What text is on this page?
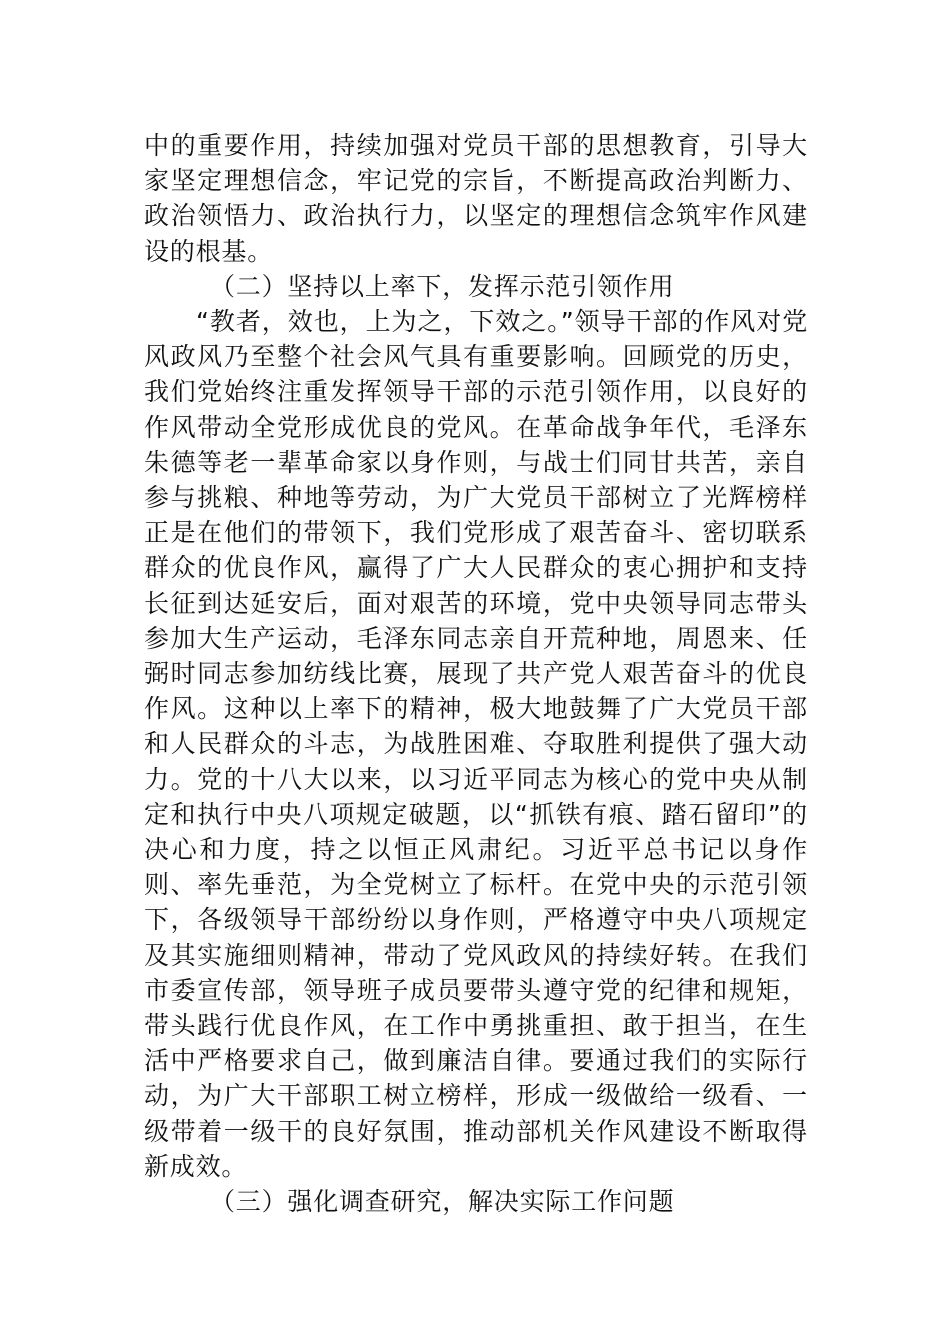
中的重要作用，持续加强对党员干部的思想教育，引导大家坚定理想信念，牢记党的宗旨，不断提高政治判断力、政治领悟力、政治执行力，以坚定的理想信念筑牢作风建设的根基。

（二）坚持以上率下，发挥示范引领作用

“教者，效也，上为之，下效之。”领导干部的作风对党风政风乃至整个社会风气具有重要影响。回顾党的历史，我们党始终注重发挥领导干部的示范引领作用，以良好的作风带动全党形成优良的党风。在革命战争年代，毛泽东朱德等老一辈革命家以身作则，与战士们同甘共苦，亲自参与挑粮、种地等劳动，为广大党员干部树立了光辉榜样正是在他们的带领下，我们党形成了艰苦奋斗、密切联系群众的优良作风，赢得了广大人民群众的衷心拥护和支持长征到达延安后，面对艰苦的环境，党中央领导同志带头参加大生产运动，毛泽东同志亲自开荒种地，周恩来、任弼时同志参加纺线比赛，展现了共产党人艰苦奋斗的优良作风。这种以上率下的精神，极大地鼓舞了广大党员干部和人民群众的斗志，为战胜困难、夺取胜利提供了强大动力。党的十八大以来，以习近平同志为核心的党中央从制定和执行中央八项规定破题，以“抓铁有痕、踏石留印”的决心和力度，持之以恒正风肃纪。习近平总书记以身作则、率先垂范，为全党树立了标杆。在党中央的示范引领下，各级领导干部纷纷以身作则，严格遵守中央八项规定及其实施细则精神，带动了党风政风的持续好转。在我们市委宣传部，领导班子成员要带头遵守党的纪律和规矩，带头践行优良作风，在工作中勇挑重担、敢于担当，在生活中严格要求自己，做到廉洁自律。要通过我们的实际行动，为广大干部职工树立榜样，形成一级做给一级看、一级带着一级干的良好氛围，推动部机关作风建设不断取得新成效。

（三）强化调查研究，解决实际工作问题
